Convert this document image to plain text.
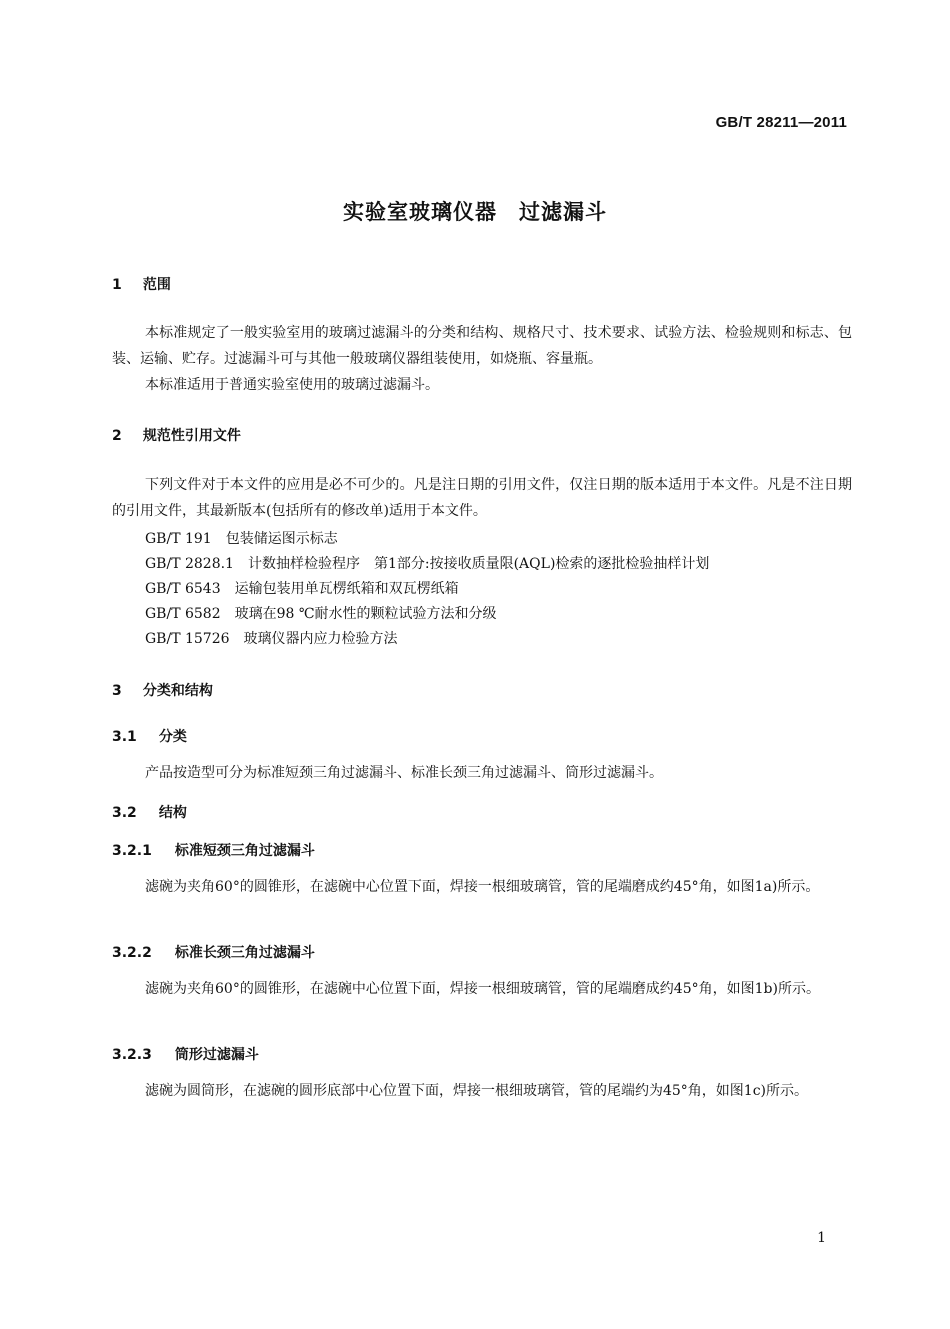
GB/T 28211—2011
实验室玻璃仪器　过滤漏斗
1 范围
本标准规定了一般实验室用的玻璃过滤漏斗的分类和结构、规格尺寸、技术要求、试验方法、检验规则和标志、包装、运输、贮存。过滤漏斗可与其他一般玻璃仪器组装使用，如烧瓶、容量瓶。
本标准适用于普通实验室使用的玻璃过滤漏斗。
2 规范性引用文件
下列文件对于本文件的应用是必不可少的。凡是注日期的引用文件，仅注日期的版本适用于本文件。凡是不注日期的引用文件，其最新版本(包括所有的修改单)适用于本文件。
GB/T 191 包装储运图示标志
GB/T 2828.1 计数抽样检验程序　第1部分:按接收质量限(AQL)检索的逐批检验抽样计划
GB/T 6543 运输包装用单瓦楞纸箱和双瓦楞纸箱
GB/T 6582 玻璃在98 ℃耐水性的颗粒试验方法和分级
GB/T 15726 玻璃仪器内应力检验方法
3 分类和结构
3.1 分类
产品按造型可分为标准短颈三角过滤漏斗、标准长颈三角过滤漏斗、筒形过滤漏斗。
3.2 结构
3.2.1 标准短颈三角过滤漏斗
滤碗为夹角60°的圆锥形，在滤碗中心位置下面，焊接一根细玻璃管，管的尾端磨成约45°角，如图1a)所示。
3.2.2 标准长颈三角过滤漏斗
滤碗为夹角60°的圆锥形，在滤碗中心位置下面，焊接一根细玻璃管，管的尾端磨成约45°角，如图1b)所示。
3.2.3 筒形过滤漏斗
滤碗为圆筒形，在滤碗的圆形底部中心位置下面，焊接一根细玻璃管，管的尾端约为45°角，如图1c)所示。
1
